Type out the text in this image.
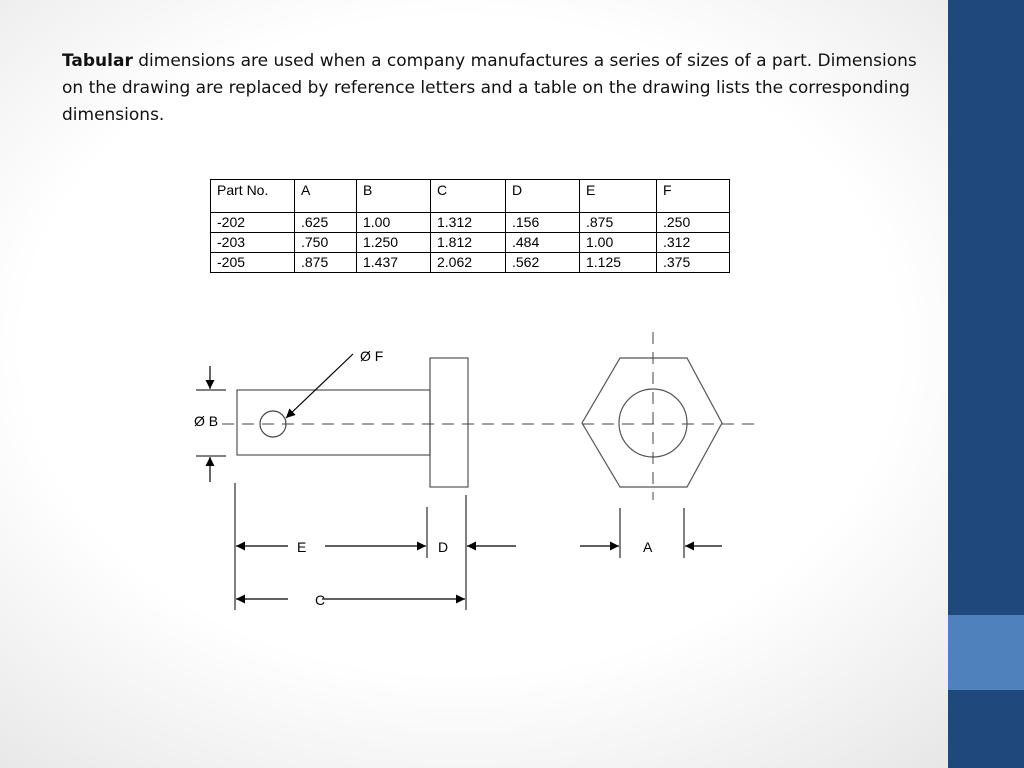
Tabular dimensions are used when a company manufactures a series of sizes of a part. Dimensions on the drawing are replaced by reference letters and a table on the drawing lists the corresponding dimensions.

Part No.	A	B	C	D	E	F
-202	.625	1.00	1.312	.156	.875	.250
-203	.750	1.250	1.812	.484	1.00	.312
-205	.875	1.437	2.062	.562	1.125	.375
Ø F
Ø B
E	D
C
A
